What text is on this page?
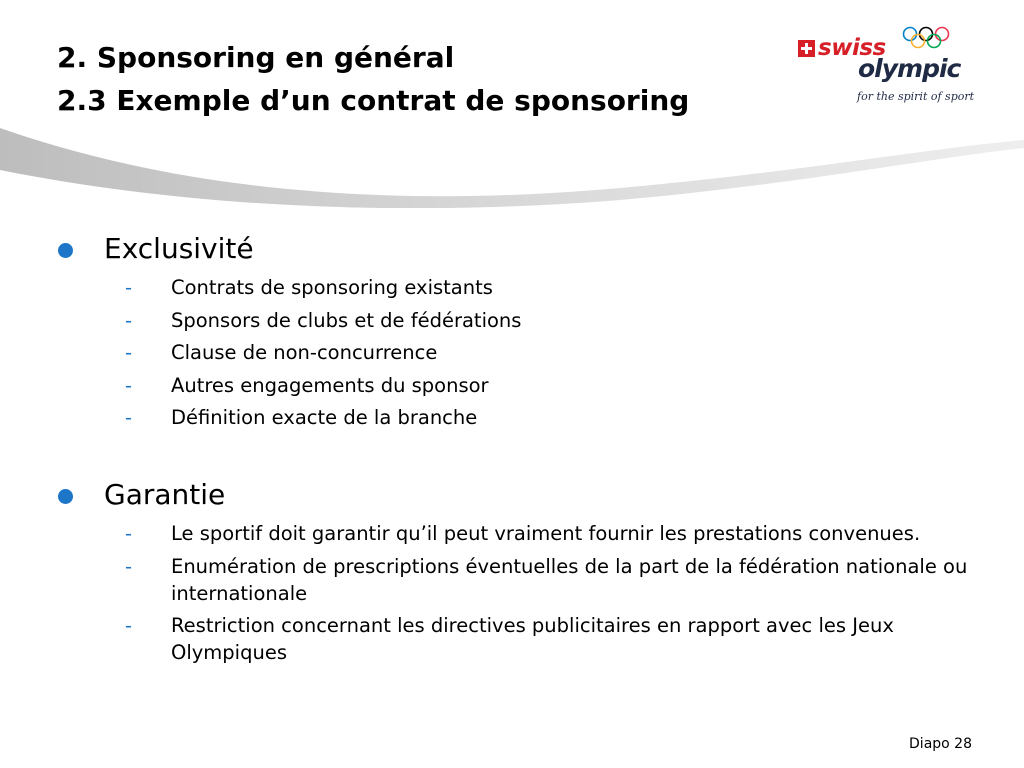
2. Sponsoring en général
2.3 Exemple d’un contrat de sponsoring
swiss
olympic
for the spirit of sport
Exclusivité
- Contrats de sponsoring existants
- Sponsors de clubs et de fédérations
- Clause de non-concurrence
- Autres engagements du sponsor
- Définition exacte de la branche
Garantie
- Le sportif doit garantir qu’il peut vraiment fournir les prestations convenues.
- Enumération de prescriptions éventuelles de la part de la fédération nationale ou internationale
- Restriction concernant les directives publicitaires en rapport avec les Jeux Olympiques
Diapo 28
